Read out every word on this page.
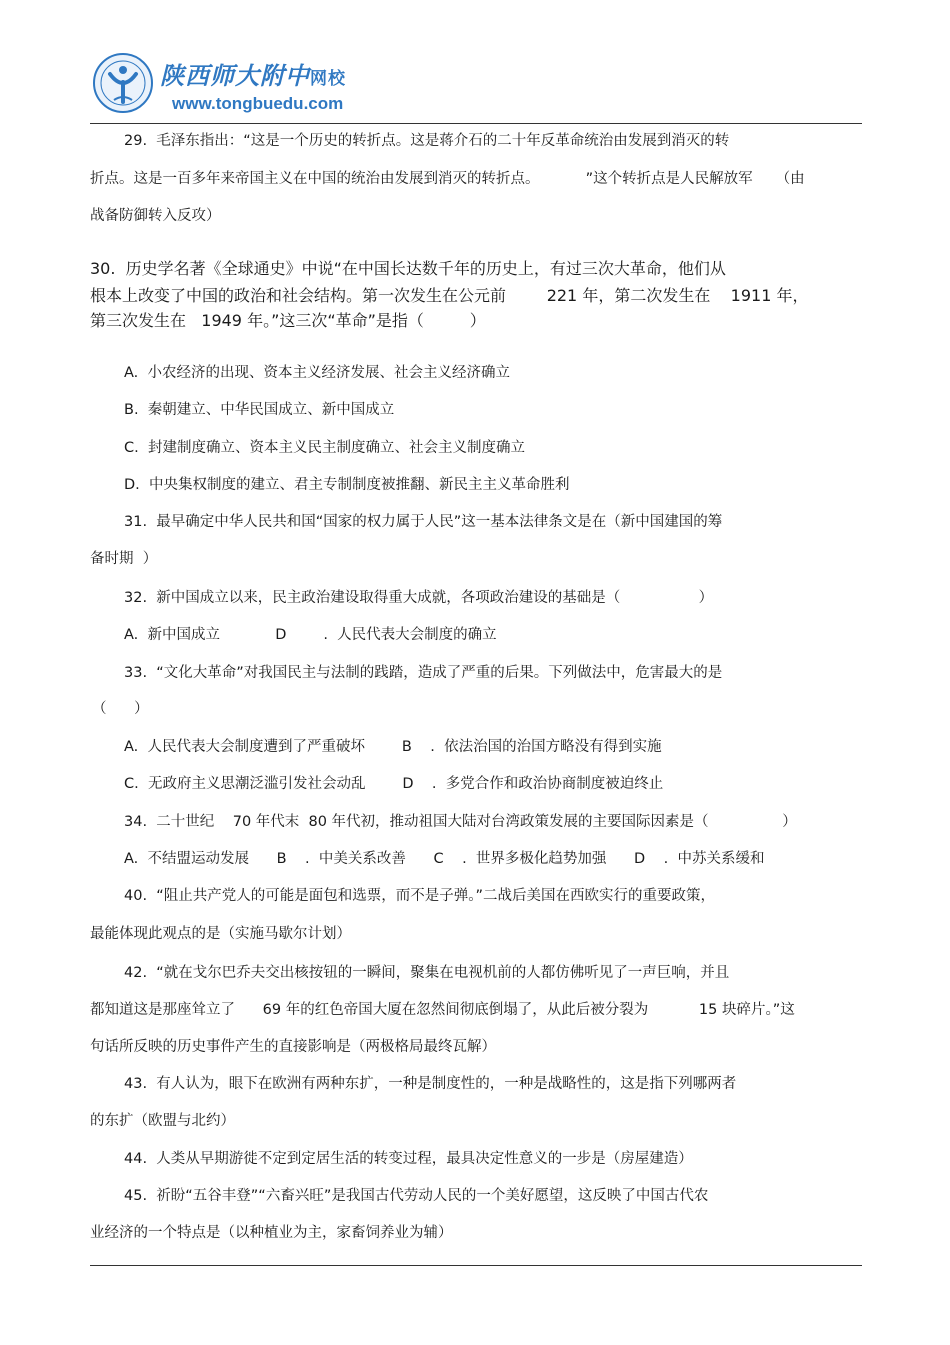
陕西师大附中网校
www.tongbuedu.com
29.  毛泽东指出：“这是一个历史的转折点。这是蒋介石的二十年反革命统治由发展到消灭的转
折点。这是一百多年来帝国主义在中国的统治由发展到消灭的转折点。          ”这个转折点是人民解放军     （由
战备防御转入反攻）
30.  历史学名著《全球通史》中说“在中国长达数千年的历史上，有过三次大革命，他们从
根本上改变了中国的政治和社会结构。第一次发生在公元前        221 年，第二次发生在    1911 年，
第三次发生在   1949 年。”这三次“革命”是指（         ）
A.  小农经济的出现、资本主义经济发展、社会主义经济确立
B.  秦朝建立、中华民国成立、新中国成立
C.  封建制度确立、资本主义民主制度确立、社会主义制度确立
D.  中央集权制度的建立、君主专制制度被推翻、新民主主义革命胜利
31.  最早确定中华人民共和国“国家的权力属于人民”这一基本法律条文是在（新中国建国的筹
备时期  ）
32.  新中国成立以来，民主政治建设取得重大成就，各项政治建设的基础是（                 ）
A.  新中国成立            D        .  人民代表大会制度的确立
33.  “文化大革命”对我国民主与法制的践踏，造成了严重的后果。下列做法中，危害最大的是
（      ）
A.  人民代表大会制度遭到了严重破坏        B    .  依法治国的治国方略没有得到实施
C.  无政府主义思潮泛滥引发社会动乱        D    .  多党合作和政治协商制度被迫终止
34.  二十世纪    70 年代末  80 年代初，推动祖国大陆对台湾政策发展的主要国际因素是（                ）
A.  不结盟运动发展      B    .  中美关系改善      C    .  世界多极化趋势加强      D    .  中苏关系缓和
40.  “阻止共产党人的可能是面包和选票，而不是子弹。”二战后美国在西欧实行的重要政策，
最能体现此观点的是（实施马歇尔计划）
42.  “就在戈尔巴乔夫交出核按钮的一瞬间，聚集在电视机前的人都仿佛听见了一声巨响，并且
都知道这是那座耸立了      69 年的红色帝国大厦在忽然间彻底倒塌了，从此后被分裂为           15 块碎片。”这
句话所反映的历史事件产生的直接影响是（两极格局最终瓦解）
43.  有人认为，眼下在欧洲有两种东扩，一种是制度性的，一种是战略性的，这是指下列哪两者
的东扩（欧盟与北约）
44.  人类从早期游徙不定到定居生活的转变过程，最具决定性意义的一步是（房屋建造）
45.  祈盼“五谷丰登”“六畜兴旺”是我国古代劳动人民的一个美好愿望，这反映了中国古代农
业经济的一个特点是（以种植业为主，家畜饲养业为辅）
